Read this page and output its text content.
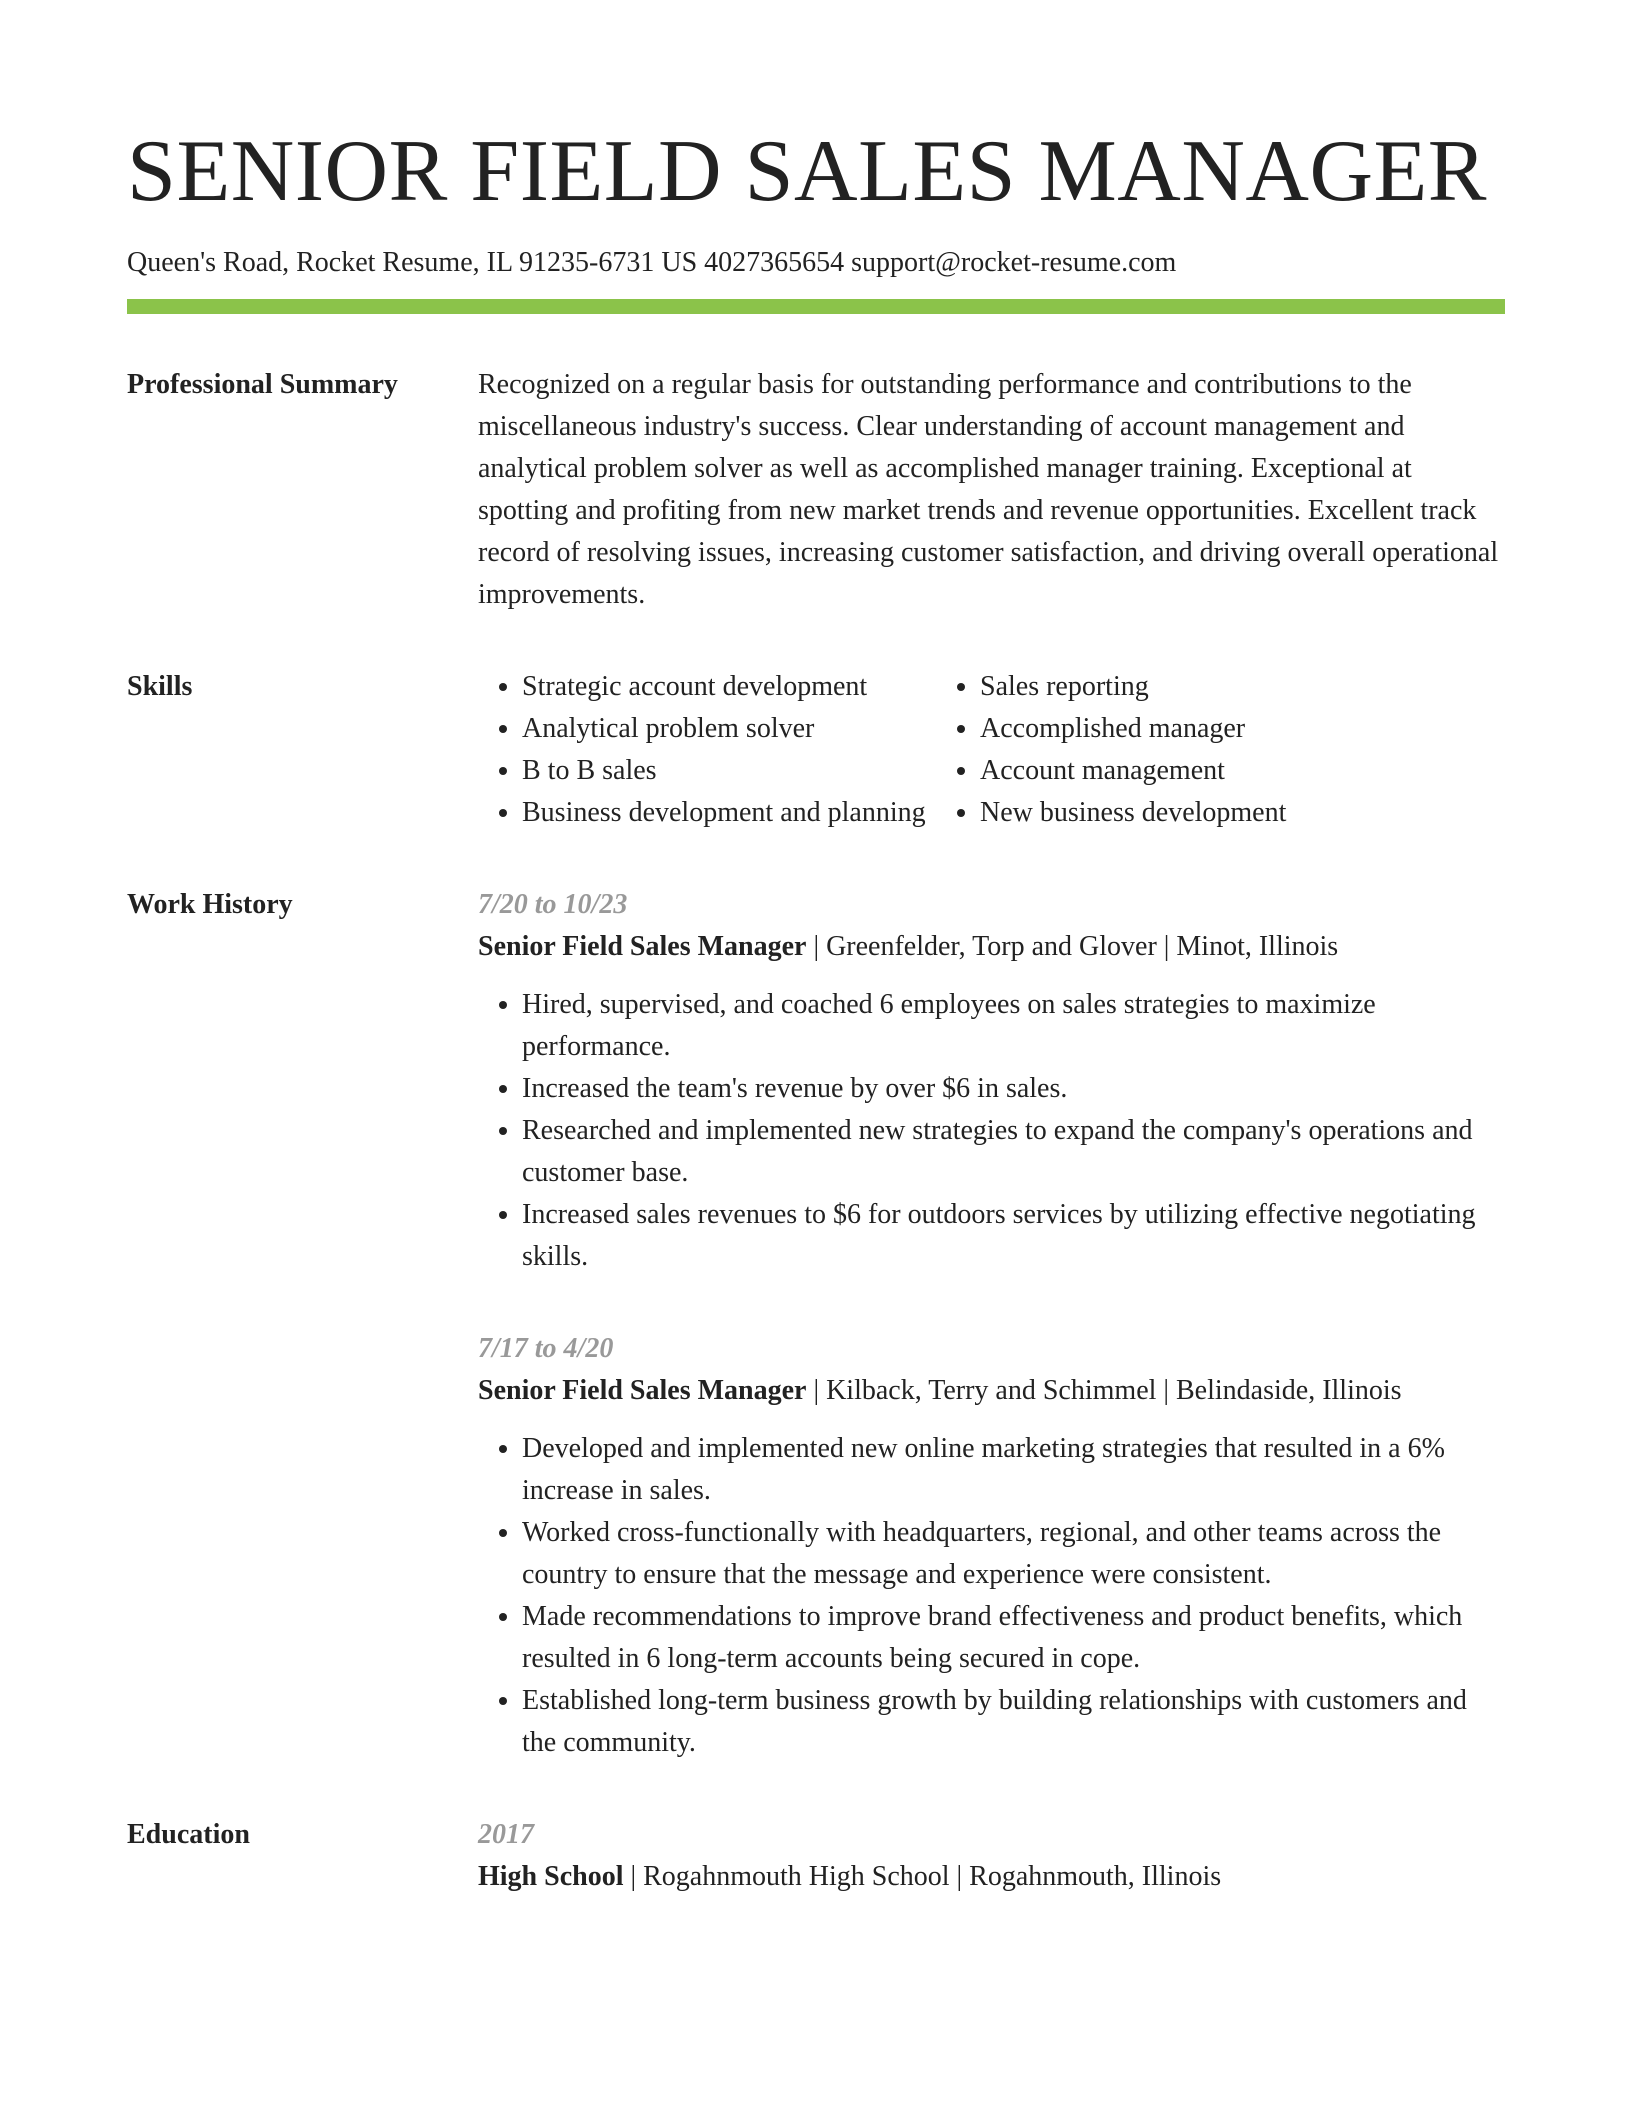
SENIOR FIELD SALES MANAGER
Queen's Road, Rocket Resume, IL 91235-6731 US 4027365654 support@rocket-resume.com
Professional Summary	Recognized on a regular basis for outstanding performance and contributions to the miscellaneous industry's success. Clear understanding of account management and analytical problem solver as well as accomplished manager training. Exceptional at spotting and profiting from new market trends and revenue opportunities. Excellent track record of resolving issues, increasing customer satisfaction, and driving overall operational improvements.
Skills
•	Strategic account development
• Analytical problem solver
• B to B sales
• Business development and planning
• Sales reporting
• Accomplished manager
• Account management
• New business development
Work History	7/20 to 10/23
Senior Field Sales Manager | Greenfelder, Torp and Glover | Minot, Illinois
• Hired, supervised, and coached 6 employees on sales strategies to maximize performance.
• Increased the team's revenue by over $6 in sales.
• Researched and implemented new strategies to expand the company's operations and customer base.
• Increased sales revenues to $6 for outdoors services by utilizing effective negotiating skills.
7/17 to 4/20
Senior Field Sales Manager | Kilback, Terry and Schimmel | Belindaside, Illinois
• Developed and implemented new online marketing strategies that resulted in a 6% increase in sales.
• Worked cross-functionally with headquarters, regional, and other teams across the country to ensure that the message and experience were consistent.
• Made recommendations to improve brand effectiveness and product benefits, which resulted in 6 long-term accounts being secured in cope.
• Established long-term business growth by building relationships with customers and the community.
Education	2017
High School | Rogahnmouth High School | Rogahnmouth, Illinois
